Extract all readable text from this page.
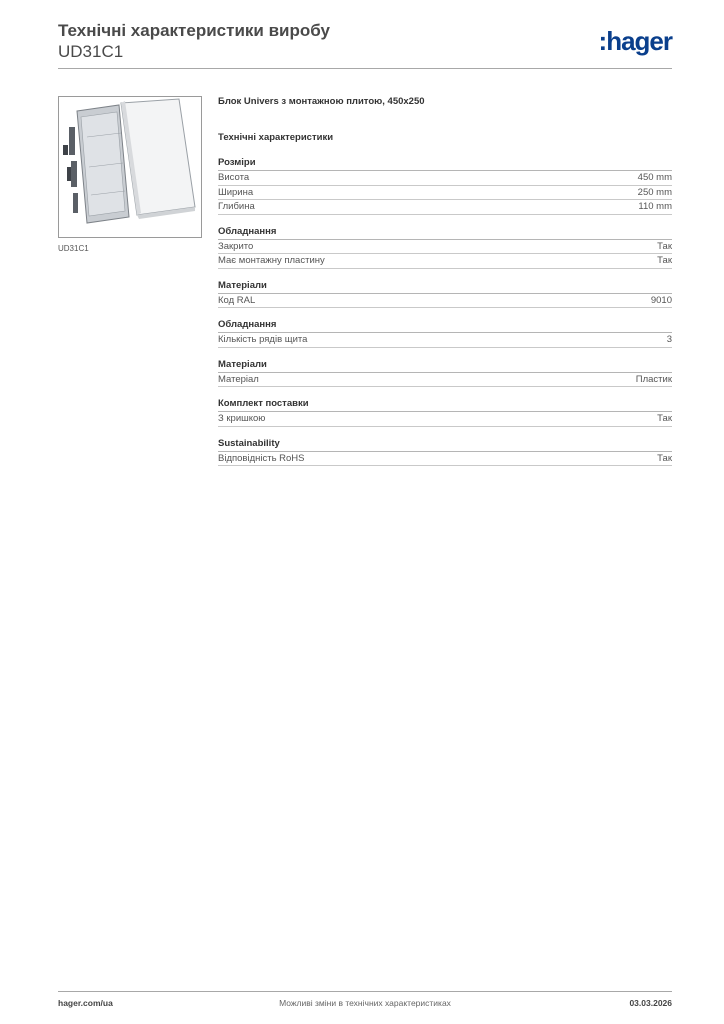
Технічні характеристики виробу
UD31C1	:hager
UD31C1
Блок Univers з монтажною плитою, 450x250
Технічні характеристики
Розміри
Висота	450 mm
Ширина	250 mm
Глибина	110 mm
Обладнання
Закрито	Так
Має монтажну пластину	Так
Матеріали
Код RAL	9010
Обладнання
Кількість рядів щита	3
Матеріали
Матеріал	Пластик
Комплект поставки
З кришкою	Так
Sustainability
Відповідність RoHS	Так
hager.com/ua	Можливі зміни в технічних характеристиках	03.03.2026
